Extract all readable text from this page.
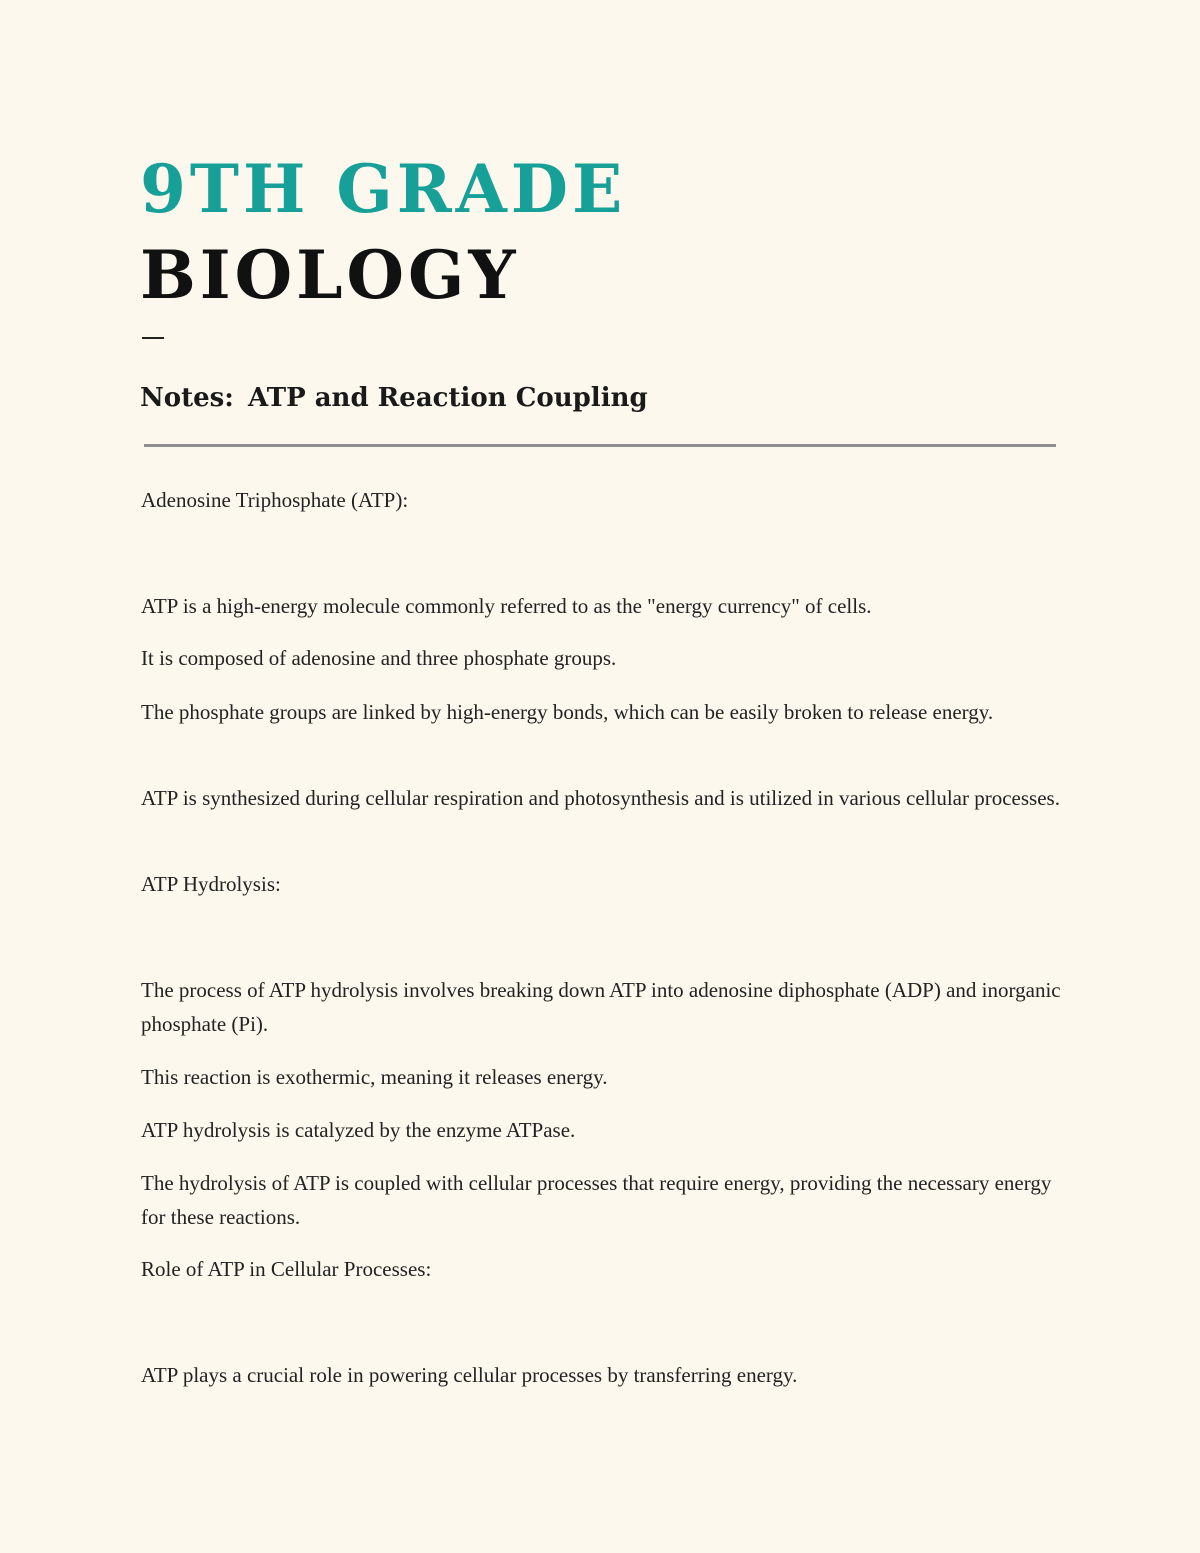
9TH GRADE
BIOLOGY
Notes: ATP and Reaction Coupling

Adenosine Triphosphate (ATP):

ATP is a high-energy molecule commonly referred to as the "energy currency" of cells.

It is composed of adenosine and three phosphate groups.

The phosphate groups are linked by high-energy bonds, which can be easily broken to release energy.

ATP is synthesized during cellular respiration and photosynthesis and is utilized in various cellular processes.

ATP Hydrolysis:

The process of ATP hydrolysis involves breaking down ATP into adenosine diphosphate (ADP) and inorganic phosphate (Pi).

This reaction is exothermic, meaning it releases energy.

ATP hydrolysis is catalyzed by the enzyme ATPase.

The hydrolysis of ATP is coupled with cellular processes that require energy, providing the necessary energy for these reactions.

Role of ATP in Cellular Processes:

ATP plays a crucial role in powering cellular processes by transferring energy.
